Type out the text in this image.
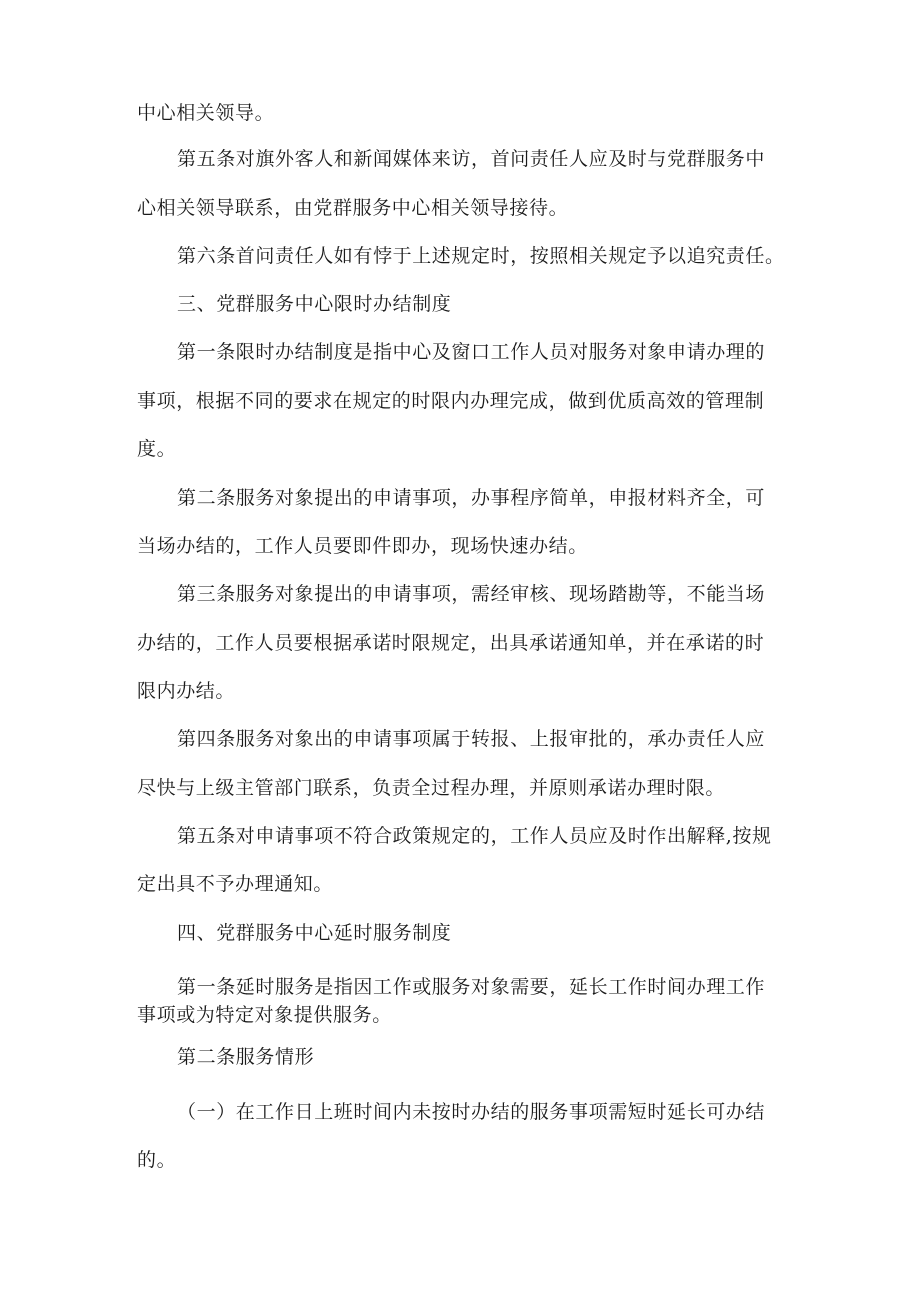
中心相关领导。

第五条对旗外客人和新闻媒体来访，首问责任人应及时与党群服务中

心相关领导联系，由党群服务中心相关领导接待。

第六条首问责任人如有悖于上述规定时，按照相关规定予以追究责任。

三、党群服务中心限时办结制度

第一条限时办结制度是指中心及窗口工作人员对服务对象申请办理的

事项，根据不同的要求在规定的时限内办理完成，做到优质高效的管理制

度。

第二条服务对象提出的申请事项，办事程序简单，申报材料齐全，可

当场办结的，工作人员要即件即办，现场快速办结。

第三条服务对象提出的申请事项，需经审核、现场踏勘等，不能当场

办结的，工作人员要根据承诺时限规定，出具承诺通知单，并在承诺的时

限内办结。

第四条服务对象出的申请事项属于转报、上报审批的，承办责任人应

尽快与上级主管部门联系，负责全过程办理，并原则承诺办理时限。

第五条对申请事项不符合政策规定的，工作人员应及时作出解释,按规

定出具不予办理通知。

四、党群服务中心延时服务制度

第一条延时服务是指因工作或服务对象需要，延长工作时间办理工作

事项或为特定对象提供服务。

第二条服务情形

（一）在工作日上班时间内未按时办结的服务事项需短时延长可办结

的。
